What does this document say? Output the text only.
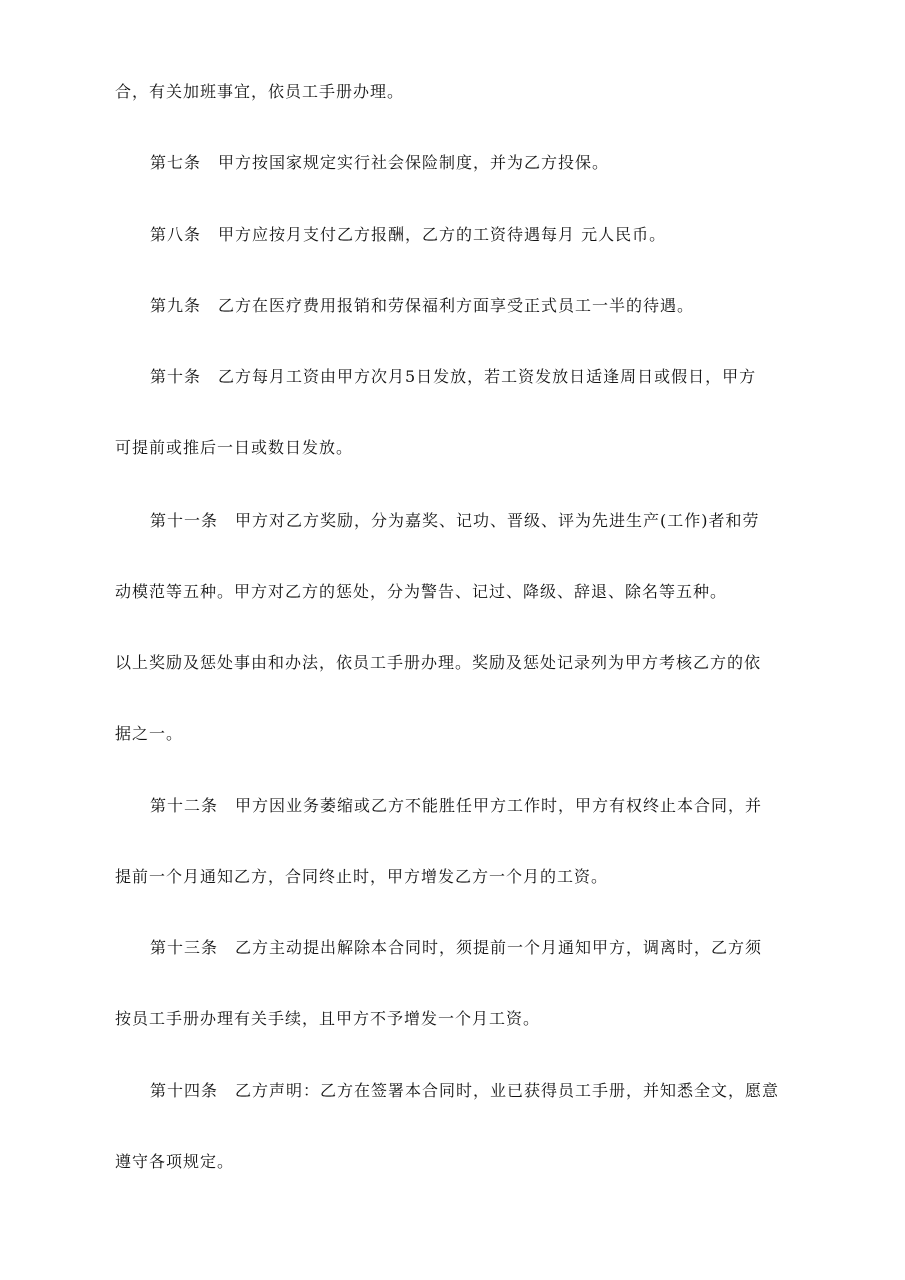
合，有关加班事宜，依员工手册办理。
第七条　甲方按国家规定实行社会保险制度，并为乙方投保。
第八条　甲方应按月支付乙方报酬，乙方的工资待遇每月 元人民币。
第九条　乙方在医疗费用报销和劳保福利方面享受正式员工一半的待遇。
第十条　乙方每月工资由甲方次月5日发放，若工资发放日适逢周日或假日，甲方
可提前或推后一日或数日发放。
第十一条　甲方对乙方奖励，分为嘉奖、记功、晋级、评为先进生产(工作)者和劳
动模范等五种。甲方对乙方的惩处，分为警告、记过、降级、辞退、除名等五种。
以上奖励及惩处事由和办法，依员工手册办理。奖励及惩处记录列为甲方考核乙方的依
据之一。
第十二条　甲方因业务萎缩或乙方不能胜任甲方工作时，甲方有权终止本合同，并
提前一个月通知乙方，合同终止时，甲方增发乙方一个月的工资。
第十三条　乙方主动提出解除本合同时，须提前一个月通知甲方，调离时，乙方须
按员工手册办理有关手续，且甲方不予增发一个月工资。
第十四条　乙方声明：乙方在签署本合同时，业已获得员工手册，并知悉全文，愿意
遵守各项规定。
